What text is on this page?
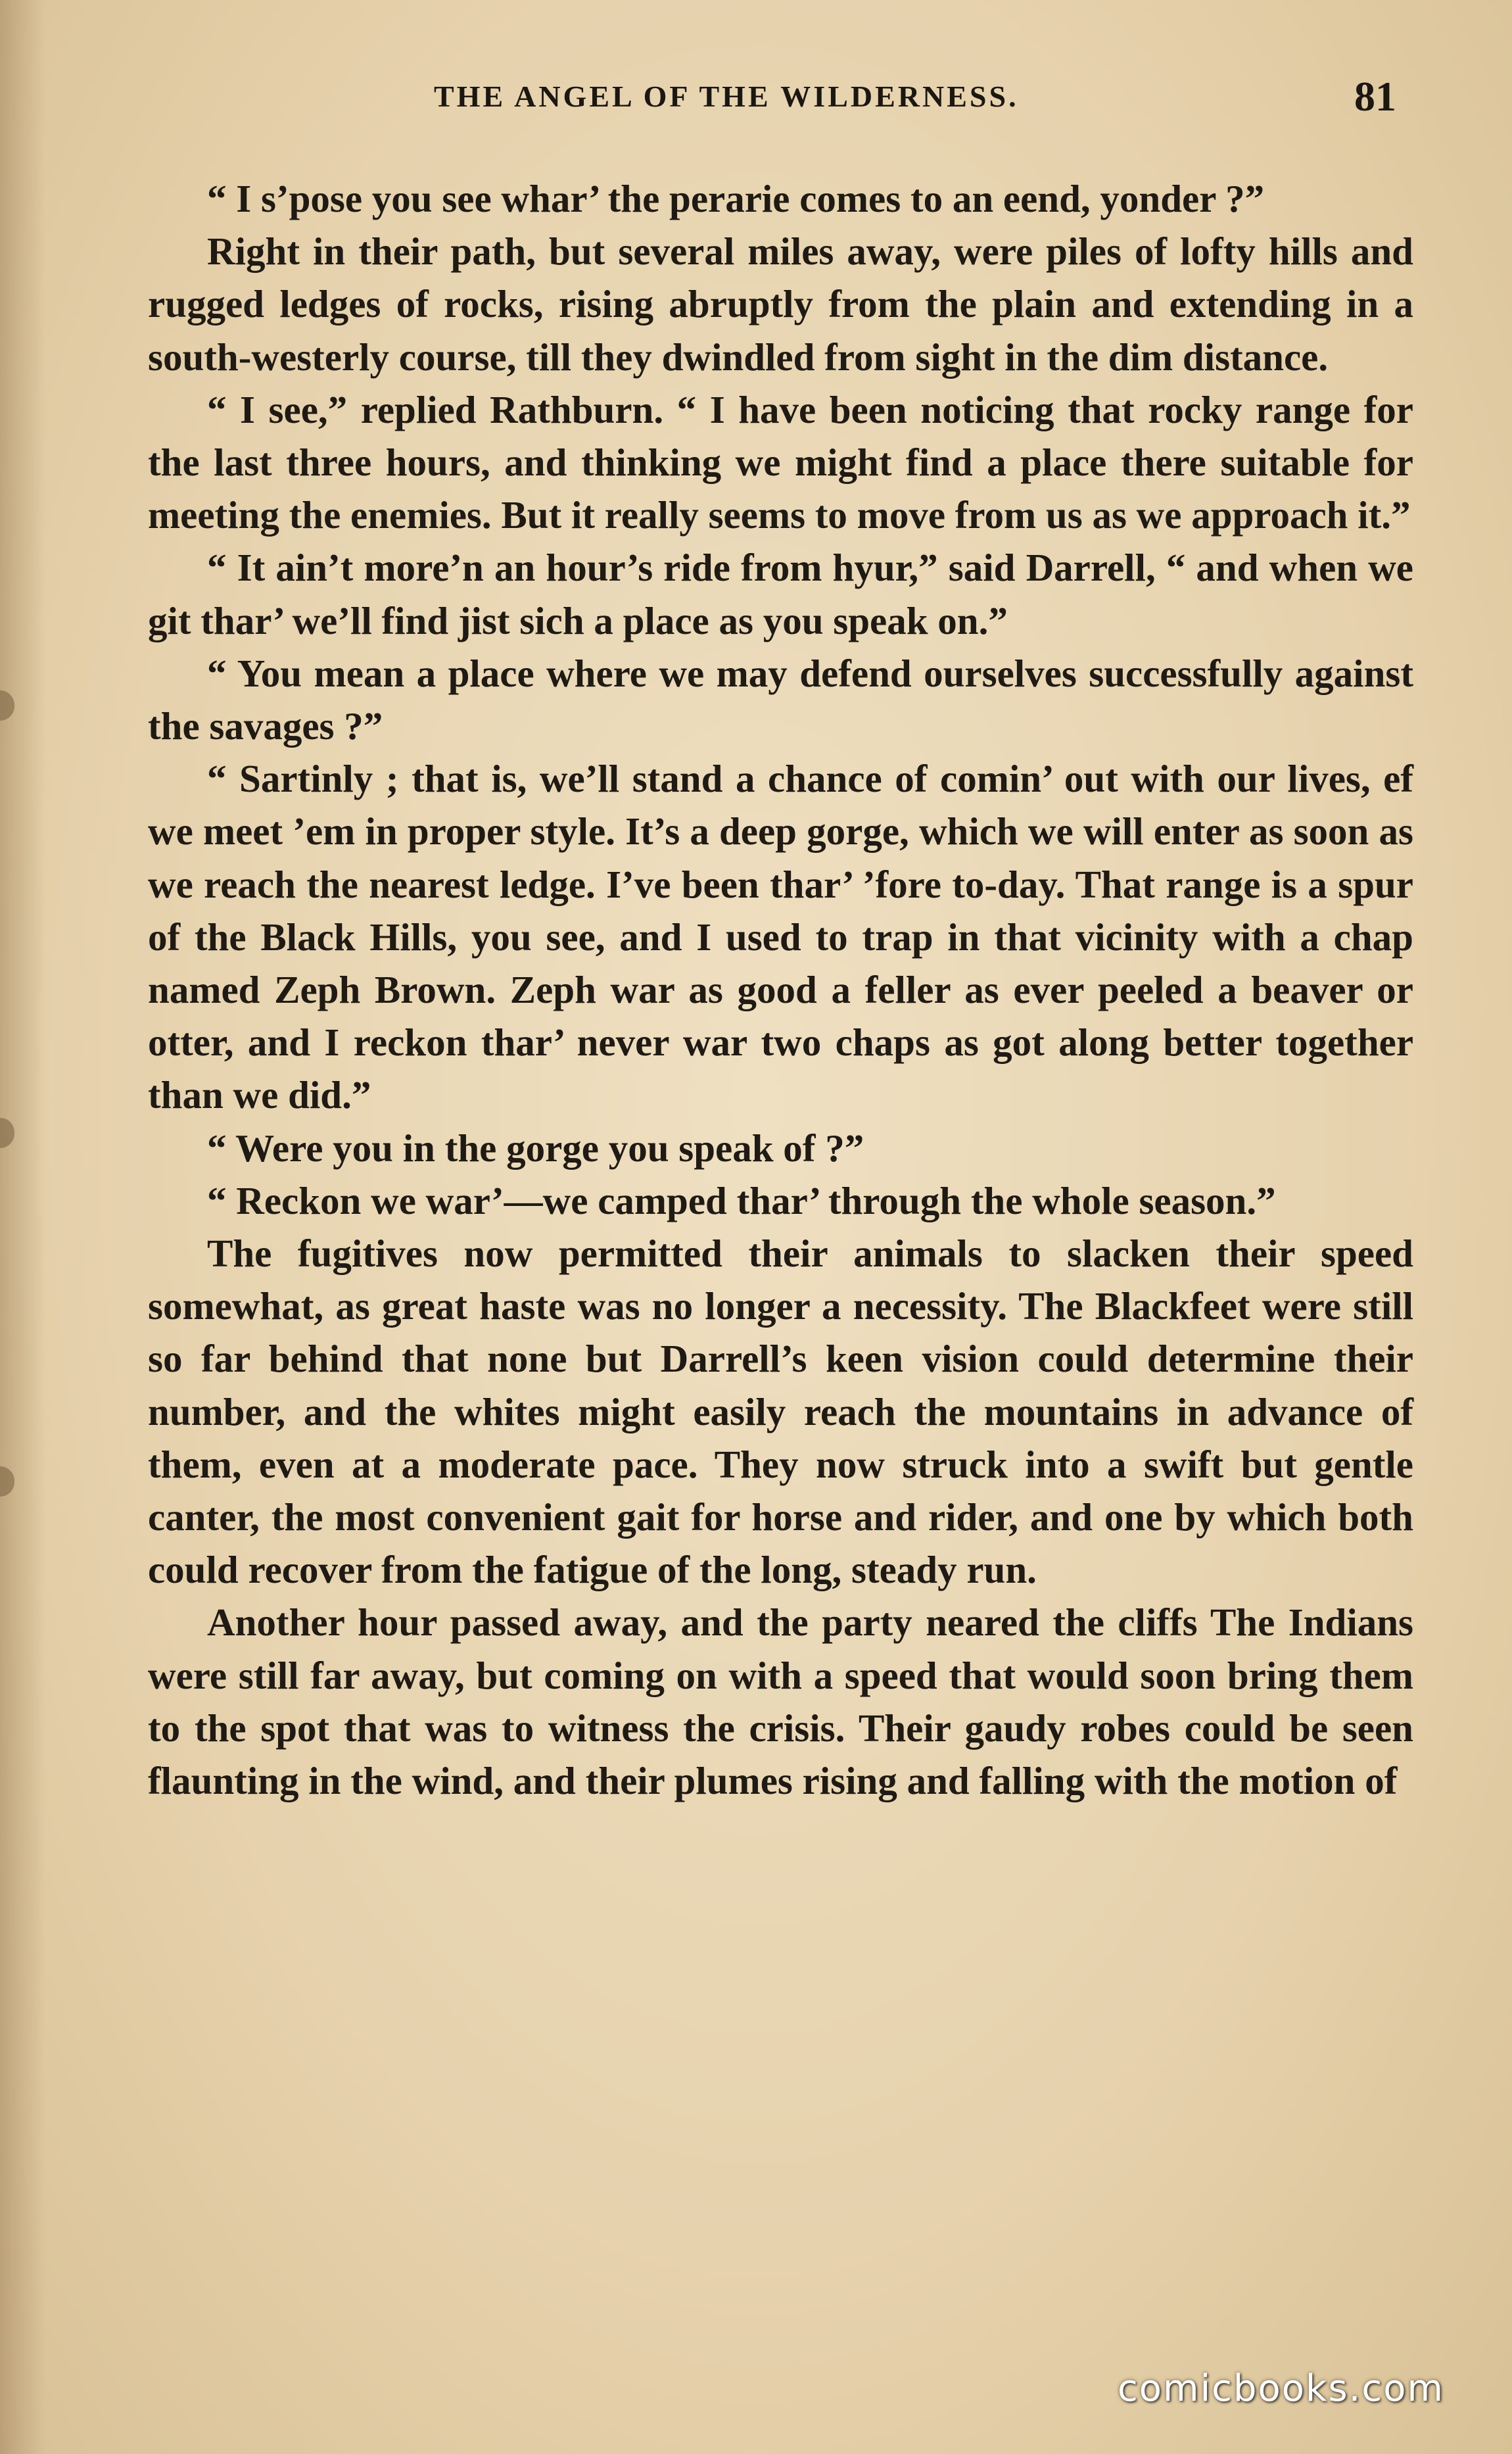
THE ANGEL OF THE WILDERNESS.	81

“ I s’pose you see whar’ the perarie comes to an eend, yonder ?”

Right in their path, but several miles away, were piles of lofty hills and rugged ledges of rocks, rising abruptly from the plain and extending in a south-westerly course, till they dwindled from sight in the dim distance.

“ I see,” replied Rathburn. “ I have been noticing that rocky range for the last three hours, and thinking we might find a place there suitable for meeting the enemies. But it really seems to move from us as we approach it.”

“ It ain’t more’n an hour’s ride from hyur,” said Darrell, “ and when we git thar’ we’ll find jist sich a place as you speak on.”

“ You mean a place where we may defend ourselves successfully against the savages ?”

“ Sartinly ; that is, we’ll stand a chance of comin’ out with our lives, ef we meet ’em in proper style. It’s a deep gorge, which we will enter as soon as we reach the nearest ledge. I’ve been thar’ ’fore to-day. That range is a spur of the Black Hills, you see, and I used to trap in that vicinity with a chap named Zeph Brown. Zeph war as good a feller as ever peeled a beaver or otter, and I reckon thar’ never war two chaps as got along better together than we did.”

“ Were you in the gorge you speak of ?”

“ Reckon we war’—we camped thar’ through the whole season.”

The fugitives now permitted their animals to slacken their speed somewhat, as great haste was no longer a necessity. The Blackfeet were still so far behind that none but Darrell’s keen vision could determine their number, and the whites might easily reach the mountains in advance of them, even at a moderate pace. They now struck into a swift but gentle canter, the most convenient gait for horse and rider, and one by which both could recover from the fatigue of the long, steady run.

Another hour passed away, and the party neared the cliffs The Indians were still far away, but coming on with a speed that would soon bring them to the spot that was to witness the crisis. Their gaudy robes could be seen flaunting in the wind, and their plumes rising and falling with the motion of

comicbooks.com
